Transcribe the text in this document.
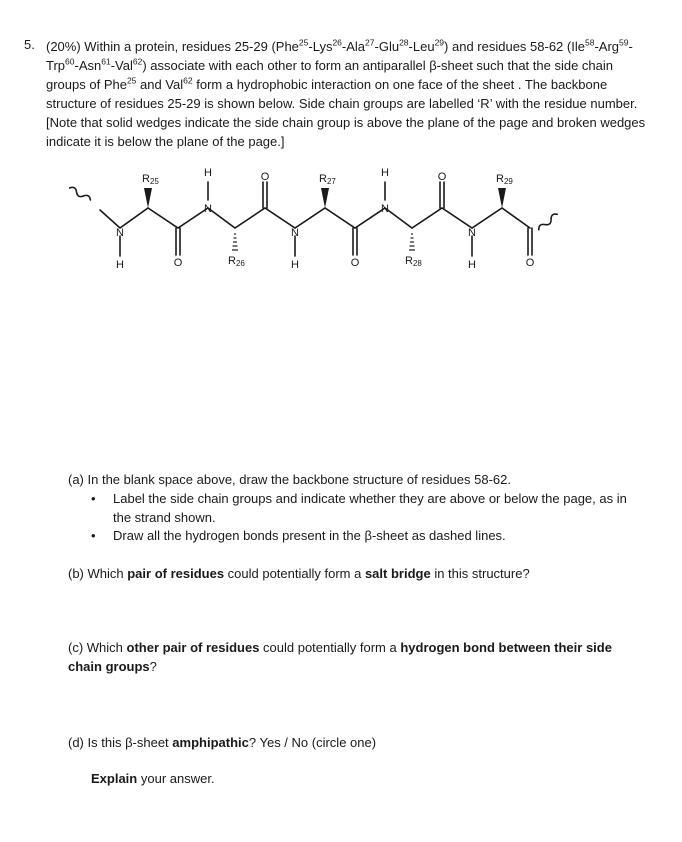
5. (20%) Within a protein, residues 25-29 (Phe$^{25}$-Lys$^{26}$-Ala$^{27}$-Glu$^{28}$-Leu$^{29}$) and residues 58-62 (Ile$^{58}$-Arg$^{59}$-Trp$^{60}$-Asn$^{61}$-Val$^{62}$) associate with each other to form an antiparallel β-sheet such that the side chain groups of Phe$^{25}$ and Val$^{62}$ form a hydrophobic interaction on one face of the sheet . The backbone structure of residues 25-29 is shown below. Side chain groups are labelled ‘R’ with the residue number. [Note that solid wedges indicate the side chain group is above the plane of the page and broken wedges indicate it is below the plane of the page.]
N
H	O
H
N
O
N
H	O
H
N
O
N
H	O
R25
R26
R27
R28
R29
(a) In the blank space above, draw the backbone structure of residues 58-62.
• Label the side chain groups and indicate whether they are above or below the page, as in the strand shown.
• Draw all the hydrogen bonds present in the β-sheet as dashed lines.
(b) Which pair of residues could potentially form a salt bridge in this structure?
(c) Which other pair of residues could potentially form a hydrogen bond between their side chain groups?
(d) Is this β-sheet amphipathic? Yes / No (circle one)
Explain your answer.
